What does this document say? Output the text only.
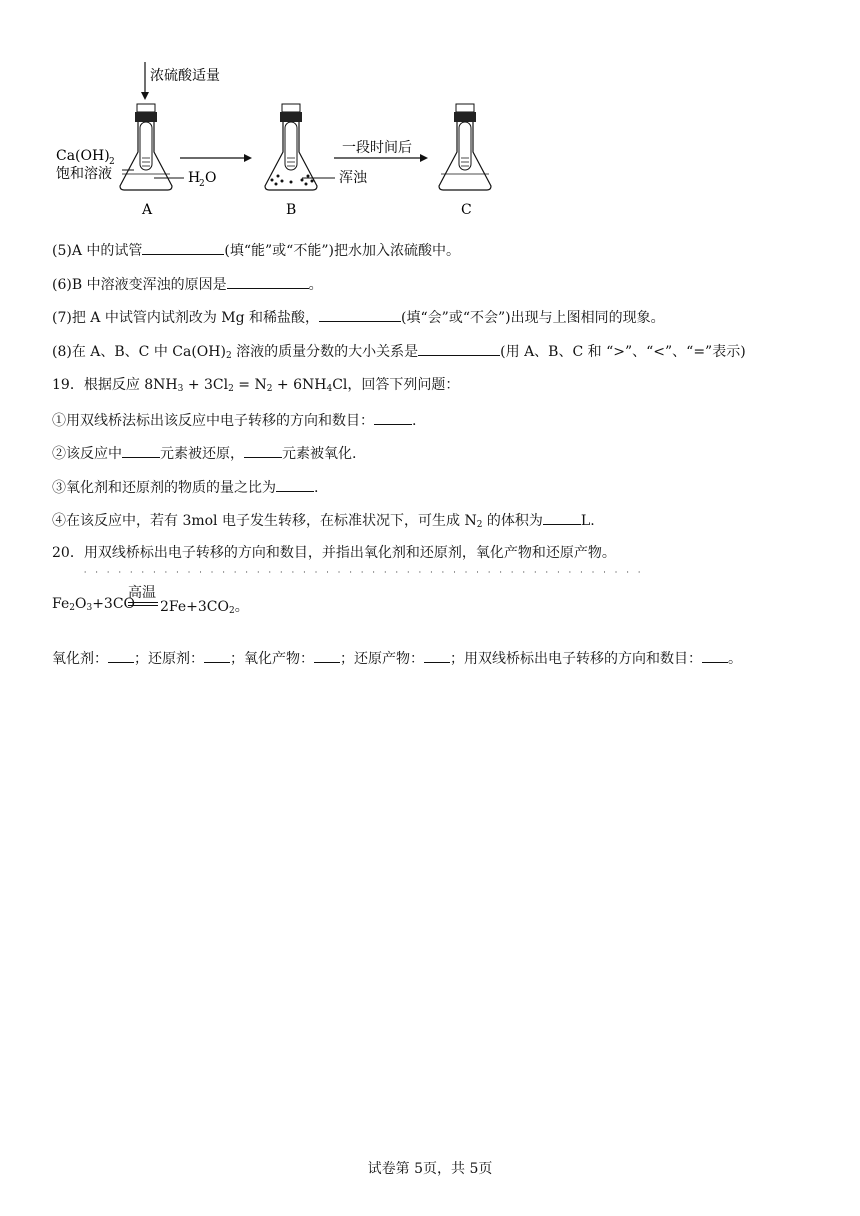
浓硫酸适量
Ca(OH) 2
饱和溶液	H
2 O
A
浑浊
B
一段时间后
C
(5)A 中的试管	(填“能”或“不能”)把水加入浓硫酸中。
(6)B 中溶液变浑浊的原因是	。
(7)把 A 中试管内试剂改为 Mg 和稀盐酸，	(填“会”或“不会”)出现与上图相同的现象。
(8)在 A、B、C 中 $Ca(OH)_2$ 溶液的质量分数的大小关系是	(用 A、B、C 和 “>”、“<”、“=”表示)
19．根据反应 $8NH_3 + 3Cl_2 = N_2 + 6NH_4Cl$，回答下列问题：
①用双线桥法标出该反应中电子转移的方向和数目：	.
②该反应中	元素被还原，	元素被氧化.
③氧化剂和还原剂的物质的量之比为	.
④在该反应中，若有 3mol 电子发生转移，在标准状况下，可生成 $N_2$ 的体积为	L.
20．用双线桥标出电子转移的方向和数目，并指出氧化剂和还原剂，氧化产物和还原产物。
·················································
高温
$Fe_2O_3+3CO$ $2Fe+3CO_2$。
氧化剂： ；还原剂： ；氧化产物： ；还原产物： ；用双线桥标出电子转移的方向和数目： 。
试卷第 5页，共 5页
